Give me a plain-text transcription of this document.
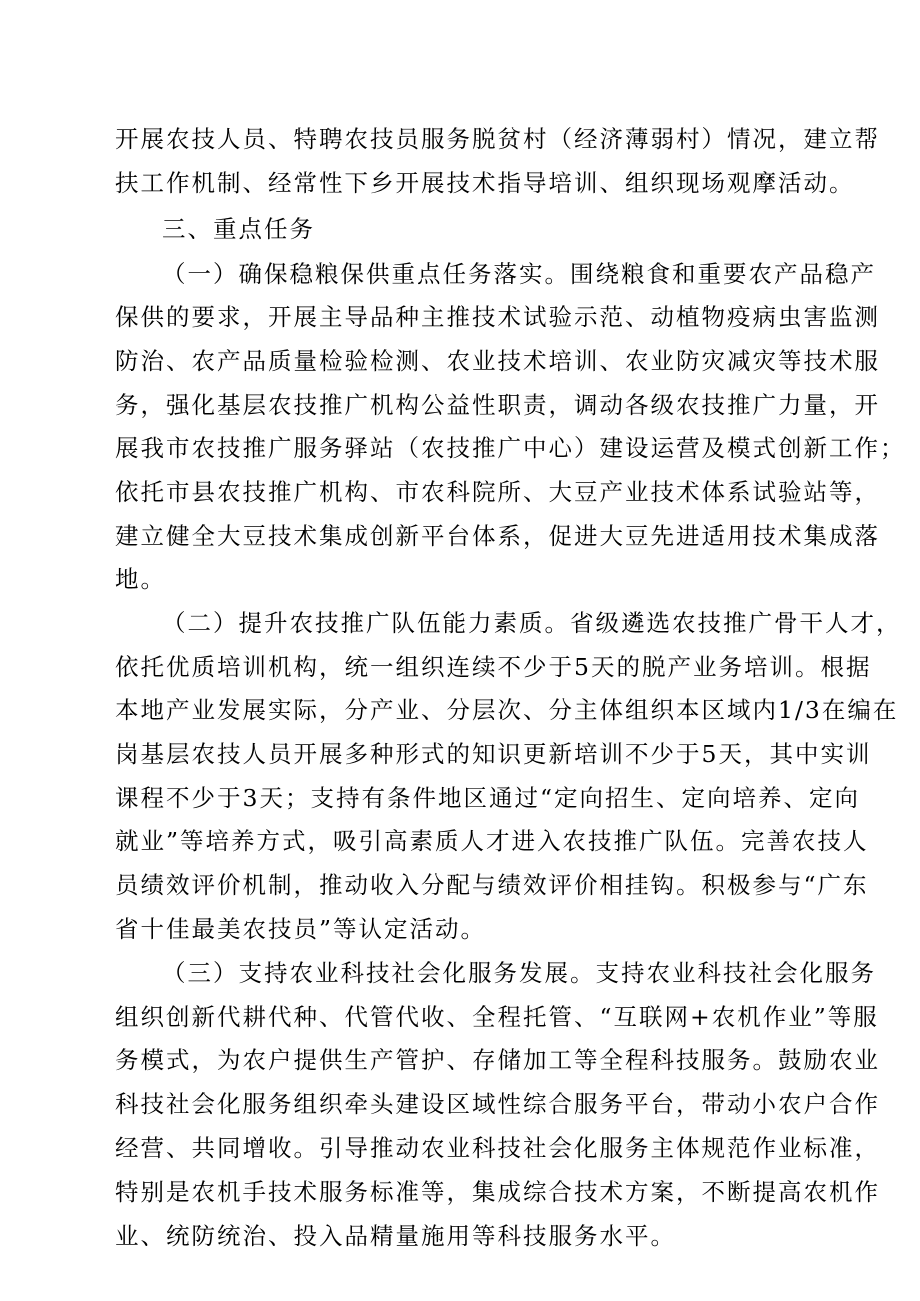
开展农技人员、特聘农技员服务脱贫村（经济薄弱村）情况，建立帮
扶工作机制、经常性下乡开展技术指导培训、组织现场观摩活动。
三、重点任务
（一）确保稳粮保供重点任务落实。围绕粮食和重要农产品稳产
保供的要求，开展主导品种主推技术试验示范、动植物疫病虫害监测
防治、农产品质量检验检测、农业技术培训、农业防灾减灾等技术服
务，强化基层农技推广机构公益性职责，调动各级农技推广力量，开
展我市农技推广服务驿站（农技推广中心）建设运营及模式创新工作；
依托市县农技推广机构、市农科院所、大豆产业技术体系试验站等，
建立健全大豆技术集成创新平台体系，促进大豆先进适用技术集成落
地。
（二）提升农技推广队伍能力素质。省级遴选农技推广骨干人才，
依托优质培训机构，统一组织连续不少于5天的脱产业务培训。根据
本地产业发展实际，分产业、分层次、分主体组织本区域内1/3在编在
岗基层农技人员开展多种形式的知识更新培训不少于5天，其中实训
课程不少于3天；支持有条件地区通过“定向招生、定向培养、定向
就业”等培养方式，吸引高素质人才进入农技推广队伍。完善农技人
员绩效评价机制，推动收入分配与绩效评价相挂钩。积极参与“广东
省十佳最美农技员”等认定活动。
（三）支持农业科技社会化服务发展。支持农业科技社会化服务
组织创新代耕代种、代管代收、全程托管、“互联网+农机作业”等服
务模式，为农户提供生产管护、存储加工等全程科技服务。鼓励农业
科技社会化服务组织牵头建设区域性综合服务平台，带动小农户合作
经营、共同增收。引导推动农业科技社会化服务主体规范作业标准，
特别是农机手技术服务标准等，集成综合技术方案，不断提高农机作
业、统防统治、投入品精量施用等科技服务水平。
